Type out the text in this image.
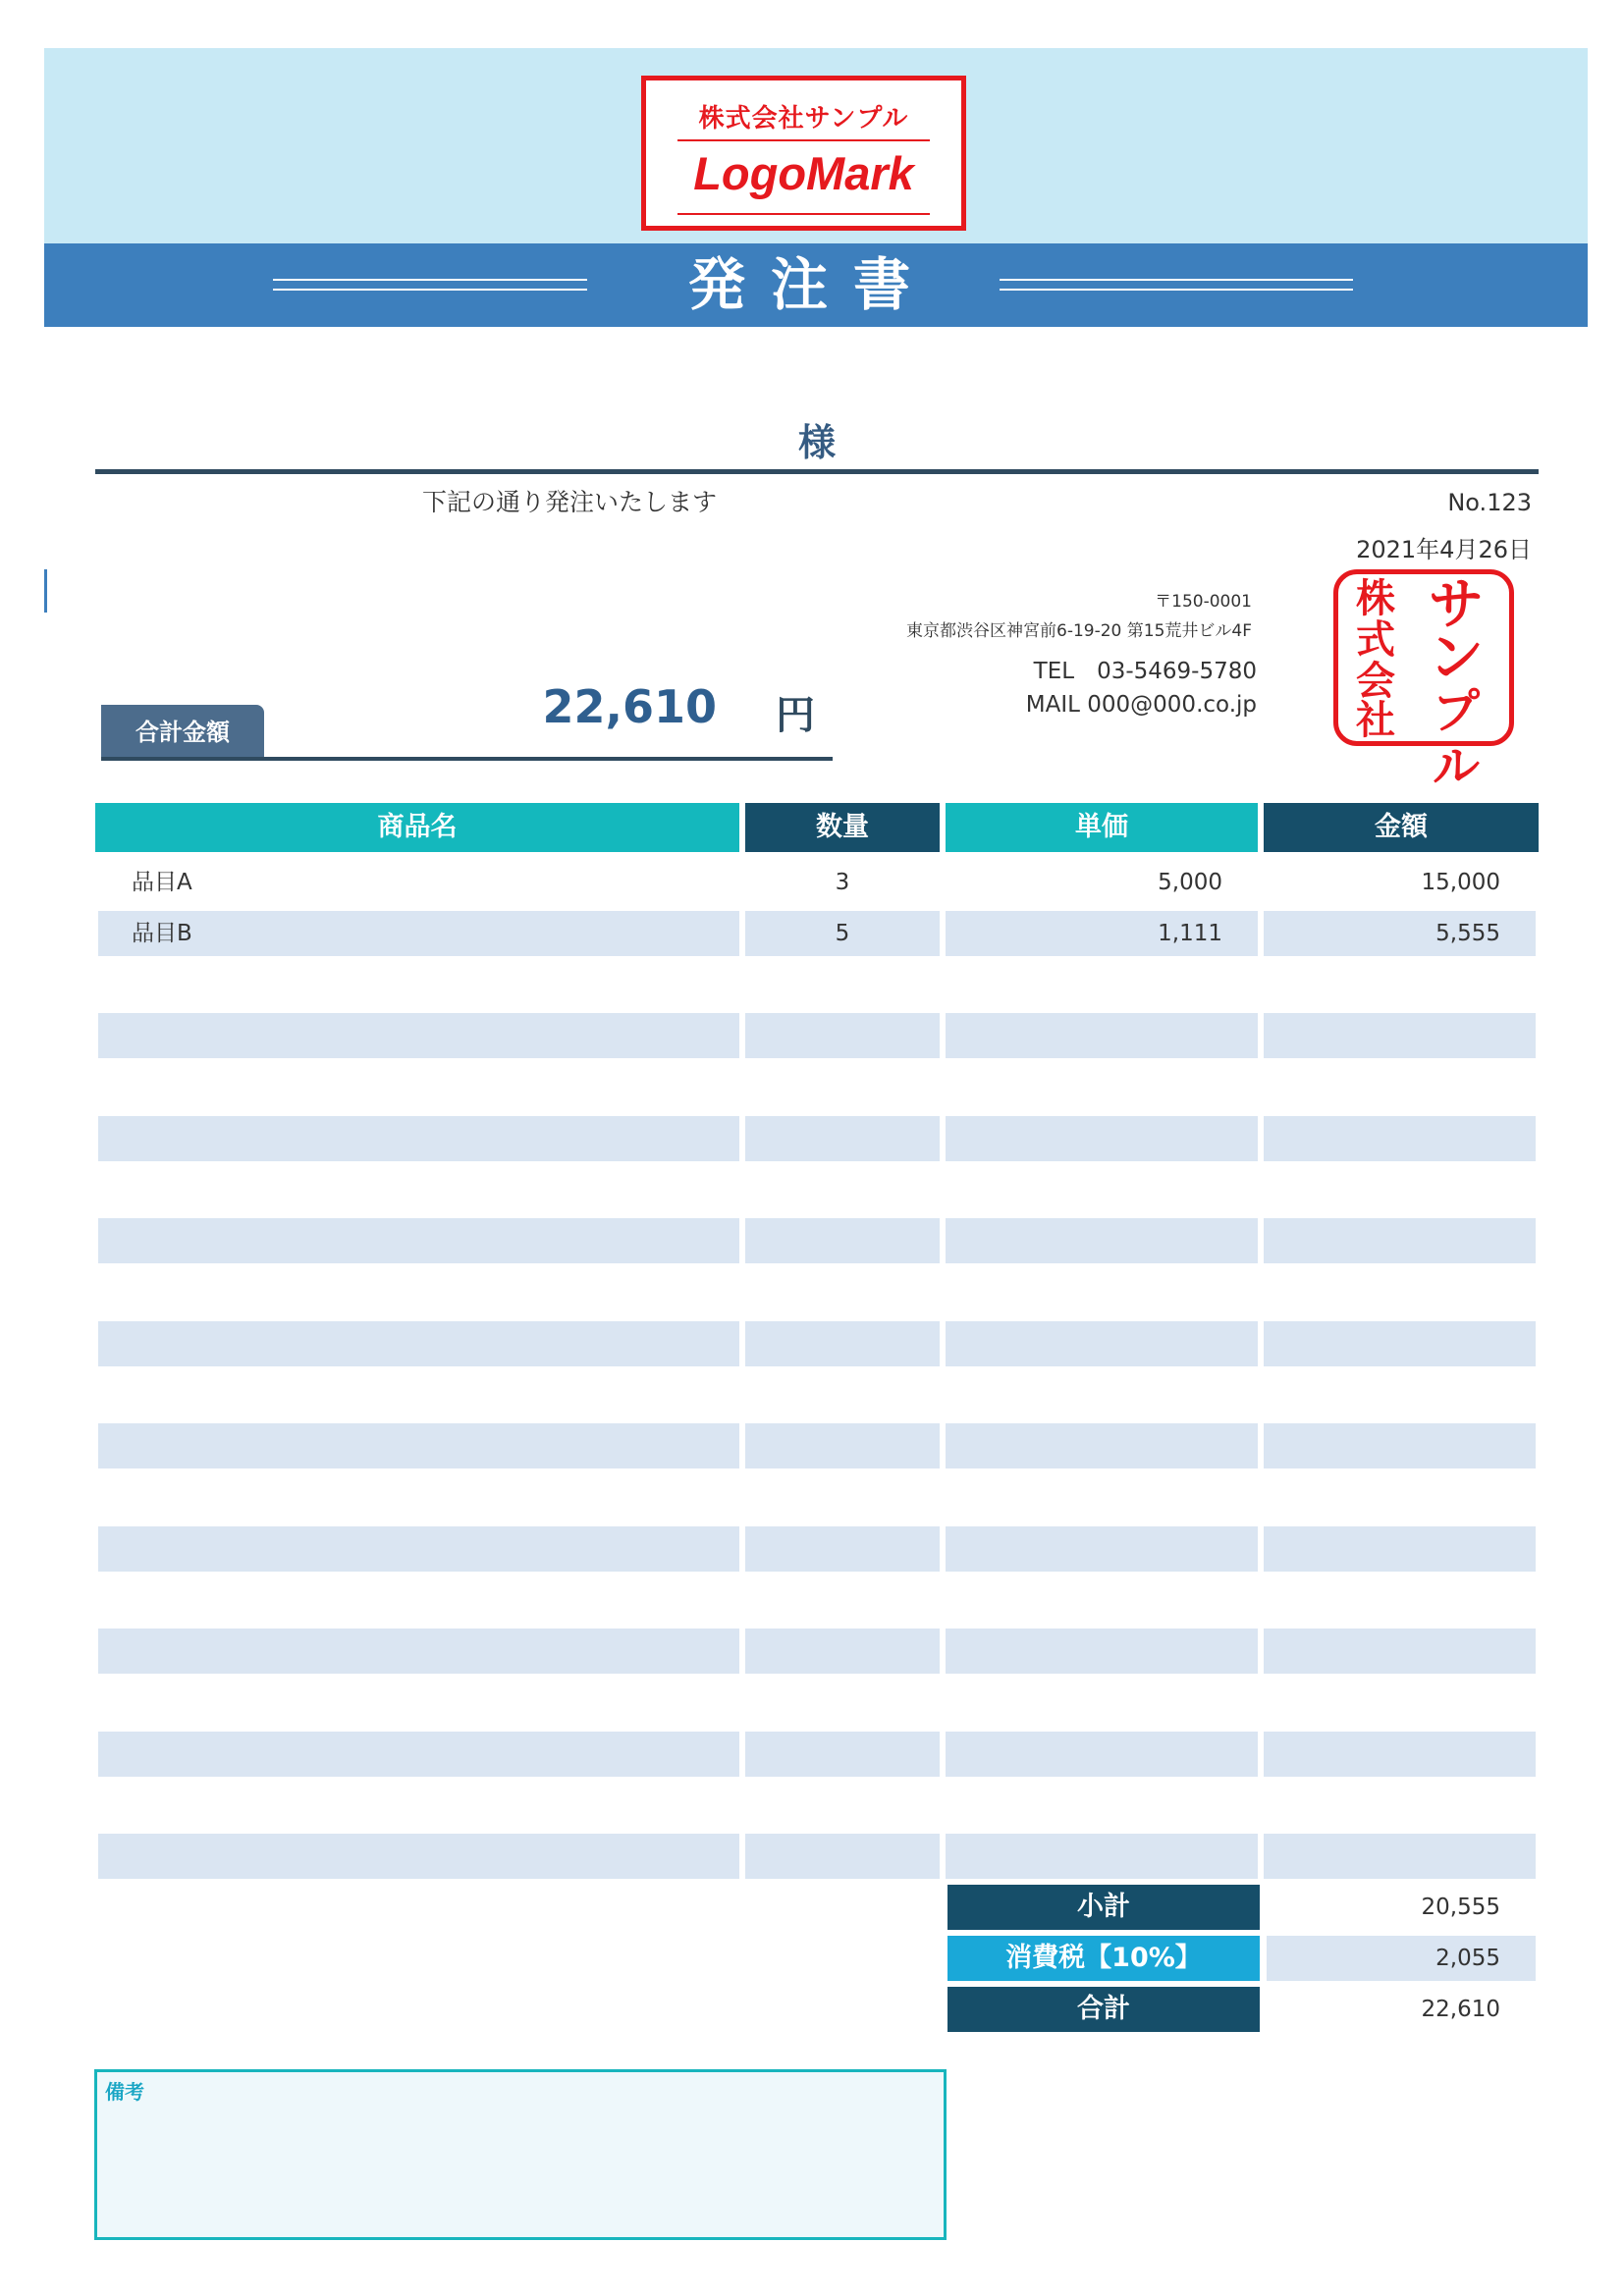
発注書
株式会社サンプル
LogoMark
様
下記の通り発注いたします	No.123
2021年4月26日
〒150-0001
東京都渋谷区神宮前6-19-20 第15荒井ビル4F
TEL　03-5469-5780
MAIL 000@000.co.jp
サ
ン
プル
株
式
会
社
合計金額	22,610 円
商品名	数量	単価	金額
品目A	3	5,000	15,000
品目B	5	1,111	5,555
小計	20,555
消費税【10%】	2,055
合計	22,610
備考
